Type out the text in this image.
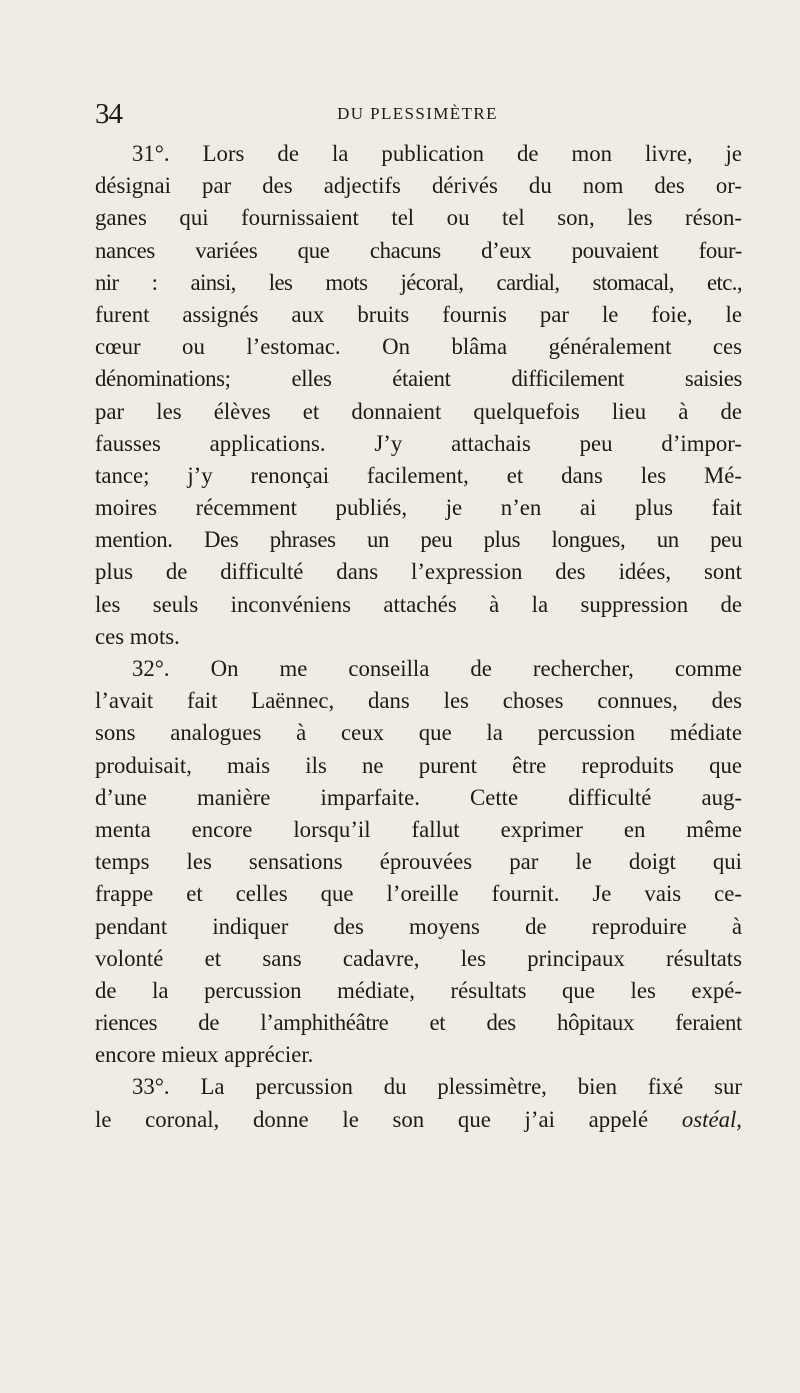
34	DU PLESSIMÈTRE
31°. Lors de la publication de mon livre, je
désignai par des adjectifs dérivés du nom des or-
ganes qui fournissaient tel ou tel son, les réson-
nances variées que chacuns d’eux pouvaient four-
nir : ainsi, les mots jécoral, cardial, stomacal, etc.,
furent assignés aux bruits fournis par le foie, le
cœur ou l’estomac. On blâma généralement ces
dénominations; elles étaient difficilement saisies
par les élèves et donnaient quelquefois lieu à de
fausses applications. J’y attachais peu d’impor-
tance; j’y renonçai facilement, et dans les Mé-
moires récemment publiés, je n’en ai plus fait
mention. Des phrases un peu plus longues, un peu
plus de difficulté dans l’expression des idées, sont
les seuls inconvéniens attachés à la suppression de
ces mots.
32°. On me conseilla de rechercher, comme
l’avait fait Laënnec, dans les choses connues, des
sons analogues à ceux que la percussion médiate
produisait, mais ils ne purent être reproduits que
d’une manière imparfaite. Cette difficulté aug-
menta encore lorsqu’il fallut exprimer en même
temps les sensations éprouvées par le doigt qui
frappe et celles que l’oreille fournit. Je vais ce-
pendant indiquer des moyens de reproduire à
volonté et sans cadavre, les principaux résultats
de la percussion médiate, résultats que les expé-
riences de l’amphithéâtre et des hôpitaux feraient
encore mieux apprécier.
33°. La percussion du plessimètre, bien fixé sur
le coronal, donne le son que j’ai appelé ostéal,
